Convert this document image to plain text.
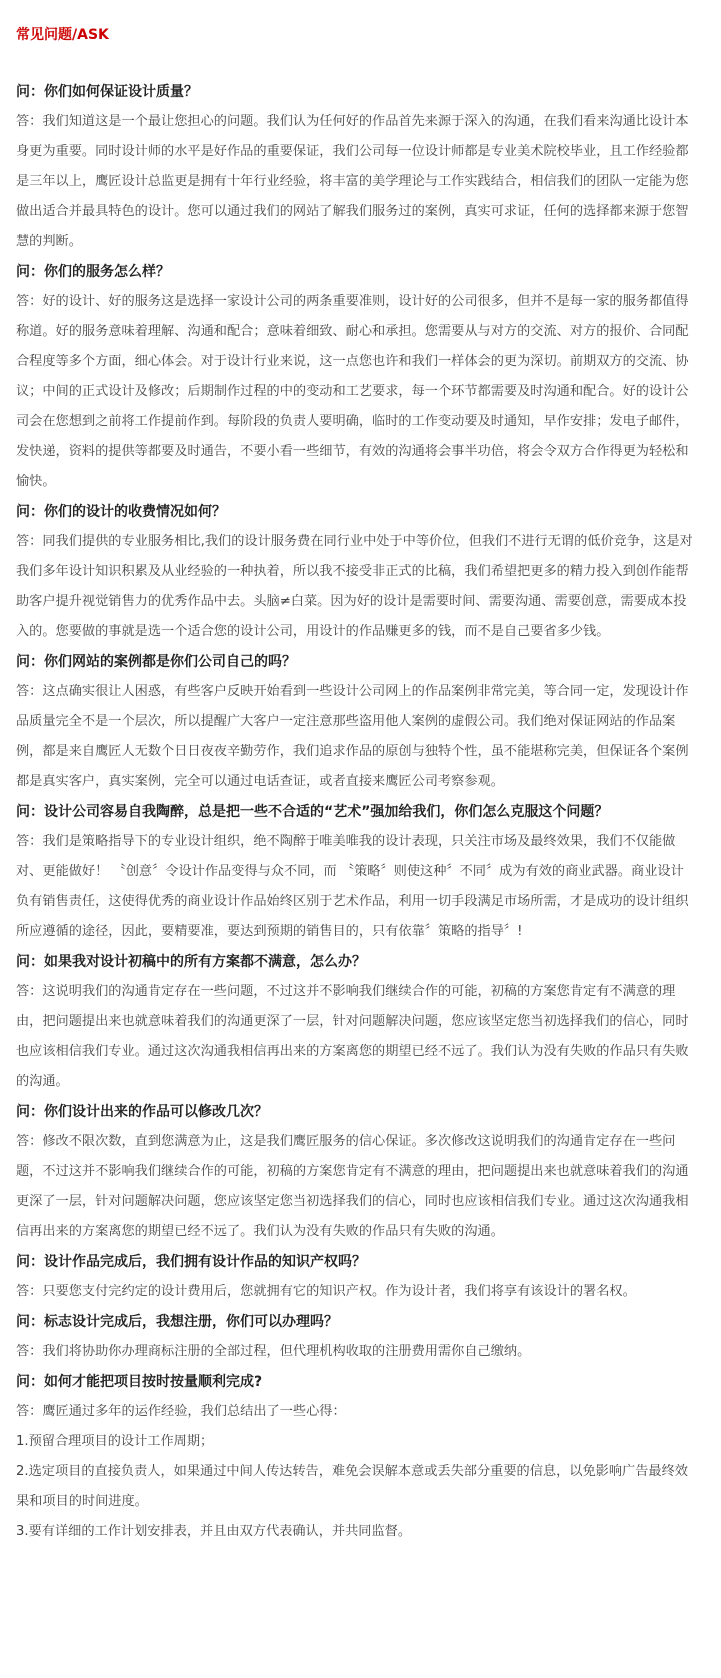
常见问题/ASK

问：你们如何保证设计质量？

答：我们知道这是一个最让您担心的问题。我们认为任何好的作品首先来源于深入的沟通，在我们看来沟通比设计本身更为重要。同时设计师的水平是好作品的重要保证，我们公司每一位设计师都是专业美术院校毕业，且工作经验都是三年以上，鹰匠设计总监更是拥有十年行业经验，将丰富的美学理论与工作实践结合，相信我们的团队一定能为您做出适合并最具特色的设计。您可以通过我们的网站了解我们服务过的案例，真实可求证，任何的选择都来源于您智慧的判断。

问：你们的服务怎么样？

答：好的设计、好的服务这是选择一家设计公司的两条重要准则，设计好的公司很多，但并不是每一家的服务都值得称道。好的服务意味着理解、沟通和配合；意味着细致、耐心和承担。您需要从与对方的交流、对方的报价、合同配合程度等多个方面，细心体会。对于设计行业来说，这一点您也许和我们一样体会的更为深切。前期双方的交流、协议；中间的正式设计及修改；后期制作过程的中的变动和工艺要求，每一个环节都需要及时沟通和配合。好的设计公司会在您想到之前将工作提前作到。每阶段的负责人要明确，临时的工作变动要及时通知，早作安排；发电子邮件，发快递，资料的提供等都要及时通告，不要小看一些细节，有效的沟通将会事半功倍，将会令双方合作得更为轻松和愉快。

问：你们的设计的收费情况如何？

答：同我们提供的专业服务相比,我们的设计服务费在同行业中处于中等价位，但我们不进行无谓的低价竞争，这是对我们多年设计知识积累及从业经验的一种执着，所以我不接受非正式的比稿，我们希望把更多的精力投入到创作能帮助客户提升视觉销售力的优秀作品中去。头脑≠白菜。因为好的设计是需要时间、需要沟通、需要创意，需要成本投入的。您要做的事就是选一个适合您的设计公司，用设计的作品赚更多的钱，而不是自己要省多少钱。

问：你们网站的案例都是你们公司自己的吗？

答：这点确实很让人困惑，有些客户反映开始看到一些设计公司网上的作品案例非常完美，等合同一定，发现设计作品质量完全不是一个层次，所以提醒广大客户一定注意那些盗用他人案例的虚假公司。我们绝对保证网站的作品案例，都是来自鹰匠人无数个日日夜夜辛勤劳作，我们追求作品的原创与独特个性，虽不能堪称完美，但保证各个案例都是真实客户，真实案例，完全可以通过电话查证，或者直接来鹰匠公司考察参观。

问：设计公司容易自我陶醉，总是把一些不合适的“艺术”强加给我们，你们怎么克服这个问题？

答：我们是策略指导下的专业设计组织，绝不陶醉于唯美唯我的设计表现，只关注市场及最终效果，我们不仅能做对、更能做好！ 〝创意〞令设计作品变得与众不同，而 〝策略〞则使这种〞不同〞成为有效的商业武器。商业设计负有销售责任，这使得优秀的商业设计作品始终区别于艺术作品，利用一切手段满足市场所需，才是成功的设计组织所应遵循的途径，因此，要精要准，要达到预期的销售目的，只有依靠〞策略的指导〞!

问：如果我对设计初稿中的所有方案都不满意，怎么办？

答：这说明我们的沟通肯定存在一些问题，不过这并不影响我们继续合作的可能，初稿的方案您肯定有不满意的理由，把问题提出来也就意味着我们的沟通更深了一层，针对问题解决问题，您应该坚定您当初选择我们的信心，同时也应该相信我们专业。通过这次沟通我相信再出来的方案离您的期望已经不远了。我们认为没有失败的作品只有失败的沟通。

问：你们设计出来的作品可以修改几次？

答：修改不限次数，直到您满意为止，这是我们鹰匠服务的信心保证。多次修改这说明我们的沟通肯定存在一些问题，不过这并不影响我们继续合作的可能，初稿的方案您肯定有不满意的理由，把问题提出来也就意味着我们的沟通更深了一层，针对问题解决问题，您应该坚定您当初选择我们的信心，同时也应该相信我们专业。通过这次沟通我相信再出来的方案离您的期望已经不远了。我们认为没有失败的作品只有失败的沟通。

问：设计作品完成后，我们拥有设计作品的知识产权吗？

答：只要您支付完约定的设计费用后，您就拥有它的知识产权。作为设计者，我们将享有该设计的署名权。

问：标志设计完成后，我想注册，你们可以办理吗？

答：我们将协助你办理商标注册的全部过程，但代理机构收取的注册费用需你自己缴纳。

问：如何才能把项目按时按量顺利完成?

答：鹰匠通过多年的运作经验，我们总结出了一些心得：

1.预留合理项目的设计工作周期；

2.选定项目的直接负责人，如果通过中间人传达转告，难免会误解本意或丢失部分重要的信息，以免影响广告最终效果和项目的时间进度。

3.要有详细的工作计划安排表，并且由双方代表确认，并共同监督。
